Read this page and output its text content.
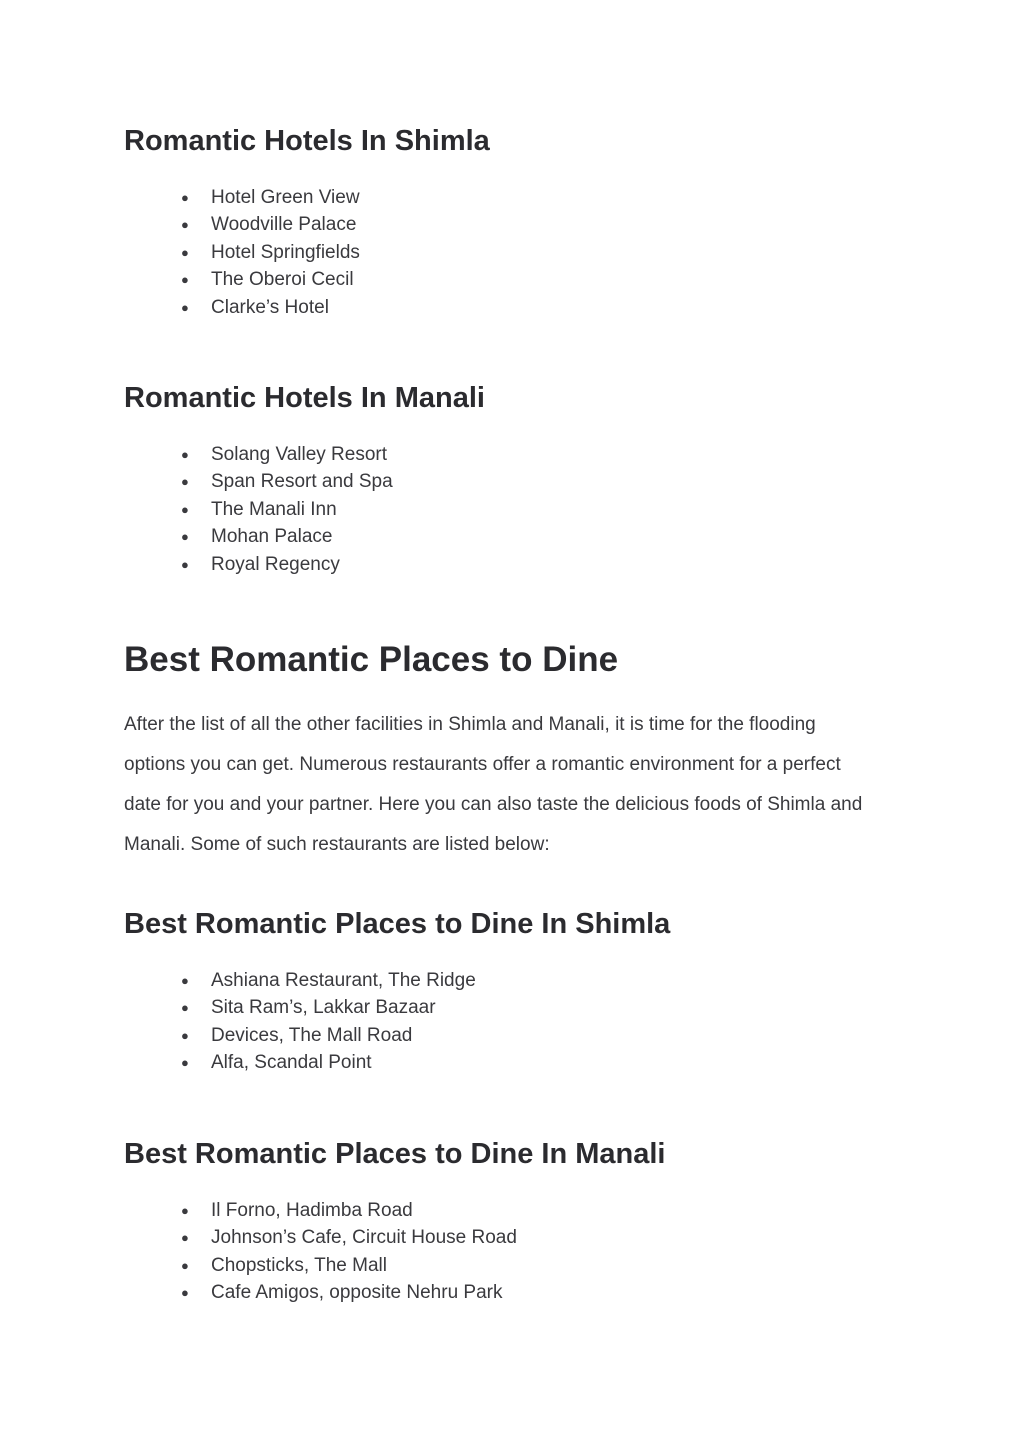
Romantic Hotels In Shimla
● Hotel Green View
● Woodville Palace
● Hotel Springfields
● The Oberoi Cecil
● Clarke’s Hotel
Romantic Hotels In Manali
● Solang Valley Resort
● Span Resort and Spa
● The Manali Inn
● Mohan Palace
● Royal Regency
Best Romantic Places to Dine

After the list of all the other facilities in Shimla and Manali, it is time for the flooding
options you can get. Numerous restaurants offer a romantic environment for a perfect
date for you and your partner. Here you can also taste the delicious foods of Shimla and
Manali. Some of such restaurants are listed below:

Best Romantic Places to Dine In Shimla
● Ashiana Restaurant, The Ridge
● Sita Ram’s, Lakkar Bazaar
● Devices, The Mall Road
● Alfa, Scandal Point
Best Romantic Places to Dine In Manali
● Il Forno, Hadimba Road
● Johnson’s Cafe, Circuit House Road
● Chopsticks, The Mall
● Cafe Amigos, opposite Nehru Park
